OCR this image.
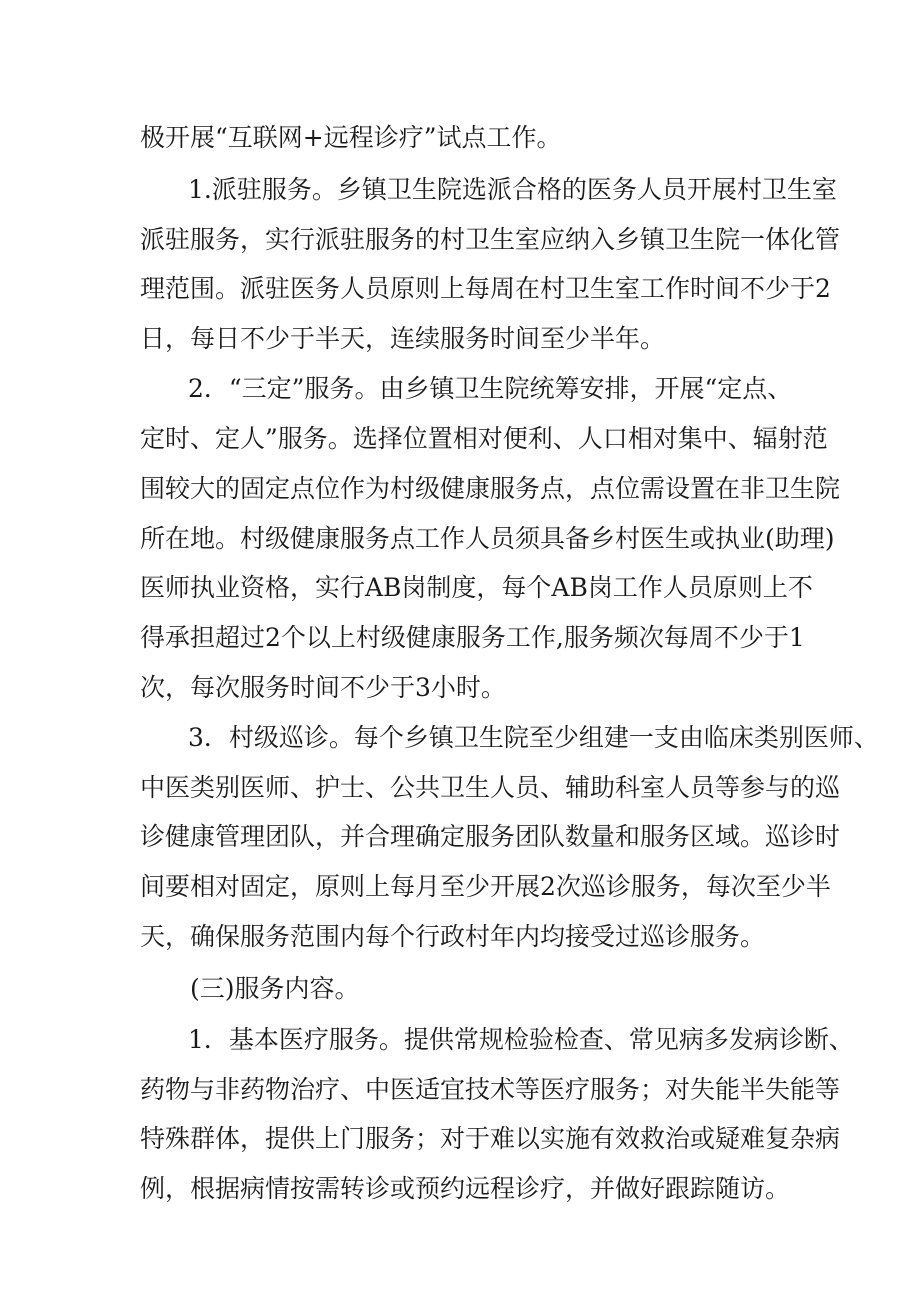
极开展“互联网+远程诊疗”试点工作。
1.派驻服务。乡镇卫生院选派合格的医务人员开展村卫生室
派驻服务，实行派驻服务的村卫生室应纳入乡镇卫生院一体化管
理范围。派驻医务人员原则上每周在村卫生室工作时间不少于2
日，每日不少于半天，连续服务时间至少半年。
2．“三定”服务。由乡镇卫生院统筹安排，开展“定点、
定时、定人”服务。选择位置相对便利、人口相对集中、辐射范
围较大的固定点位作为村级健康服务点，点位需设置在非卫生院
所在地。村级健康服务点工作人员须具备乡村医生或执业(助理)
医师执业资格，实行AB岗制度，每个AB岗工作人员原则上不
得承担超过2个以上村级健康服务工作,服务频次每周不少于1
次，每次服务时间不少于3小时。
3．村级巡诊。每个乡镇卫生院至少组建一支由临床类别医师、
中医类别医师、护士、公共卫生人员、辅助科室人员等参与的巡
诊健康管理团队，并合理确定服务团队数量和服务区域。巡诊时
间要相对固定，原则上每月至少开展2次巡诊服务，每次至少半
天，确保服务范围内每个行政村年内均接受过巡诊服务。
(三)服务内容。
1．基本医疗服务。提供常规检验检查、常见病多发病诊断、
药物与非药物治疗、中医适宜技术等医疗服务；对失能半失能等
特殊群体，提供上门服务；对于难以实施有效救治或疑难复杂病
例，根据病情按需转诊或预约远程诊疗，并做好跟踪随访。
